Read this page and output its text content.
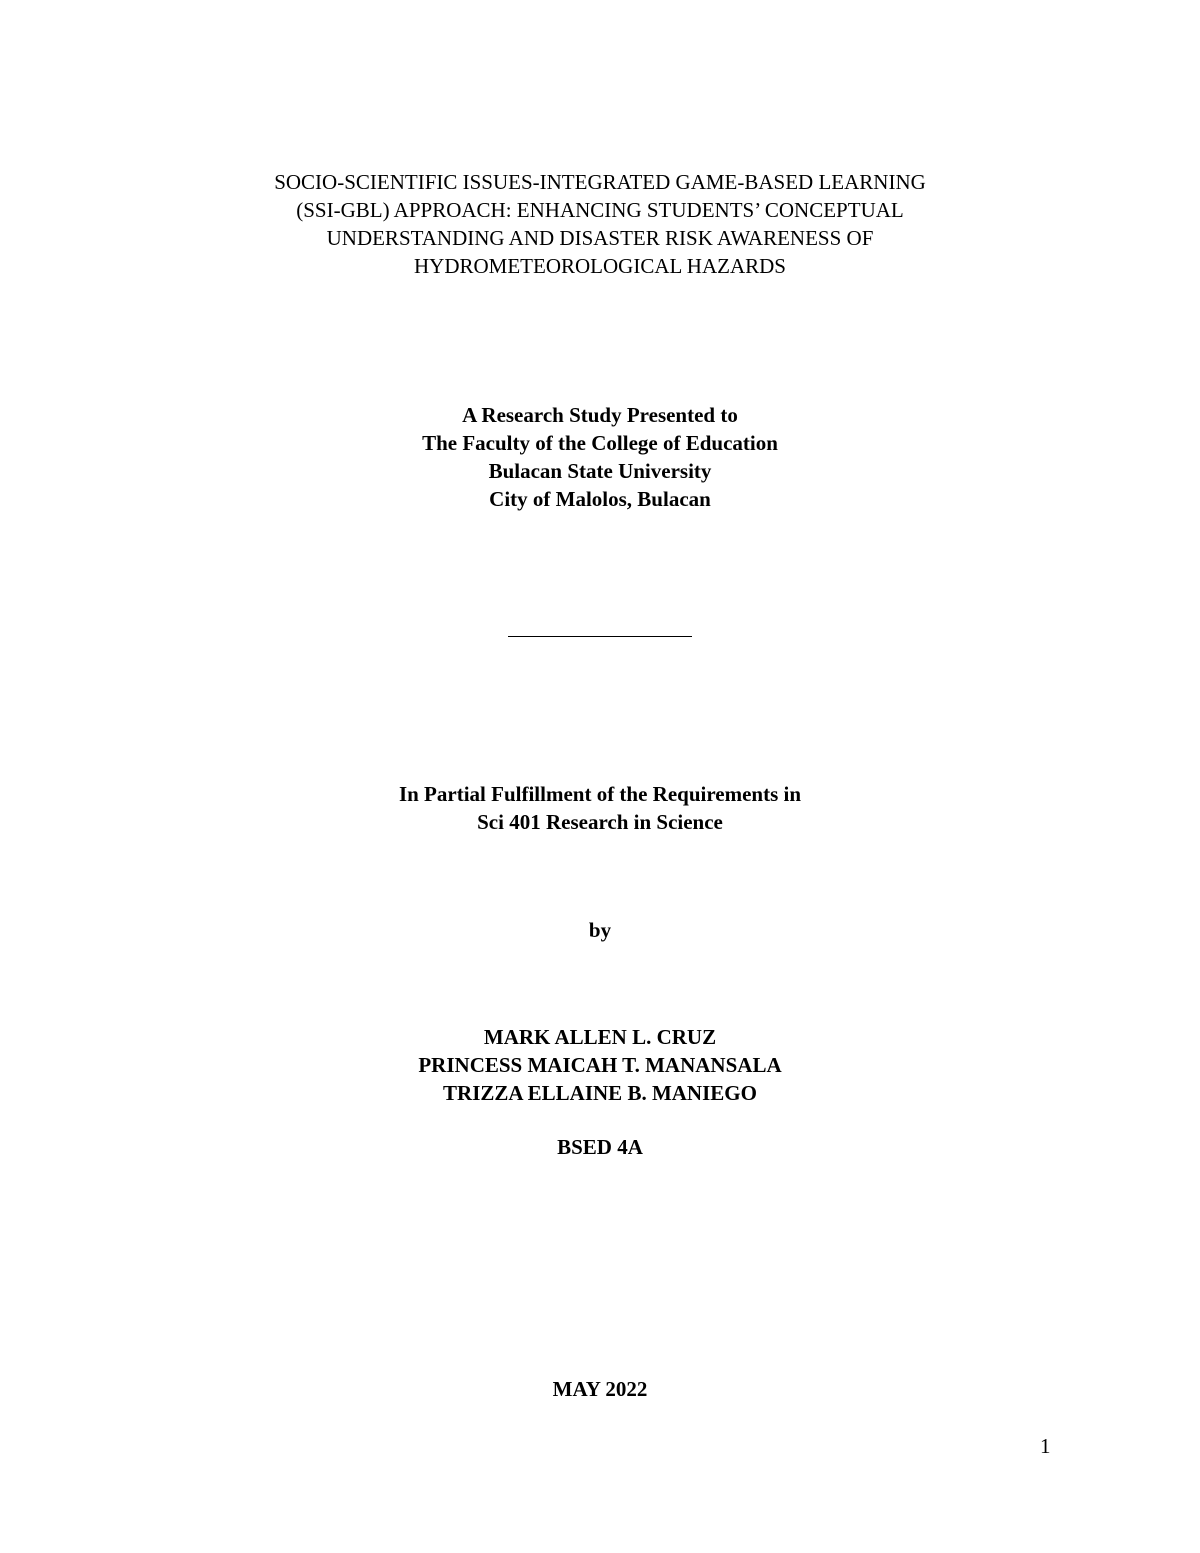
SOCIO-SCIENTIFIC ISSUES-INTEGRATED GAME-BASED LEARNING
(SSI-GBL) APPROACH: ENHANCING STUDENTS’ CONCEPTUAL
UNDERSTANDING AND DISASTER RISK AWARENESS OF
HYDROMETEOROLOGICAL HAZARDS
A Research Study Presented to
The Faculty of the College of Education
Bulacan State University
City of Malolos, Bulacan
In Partial Fulfillment of the Requirements in
Sci 401 Research in Science
by
MARK ALLEN L. CRUZ
PRINCESS MAICAH T. MANANSALA
TRIZZA ELLAINE B. MANIEGO
BSED 4A
MAY 2022
1
